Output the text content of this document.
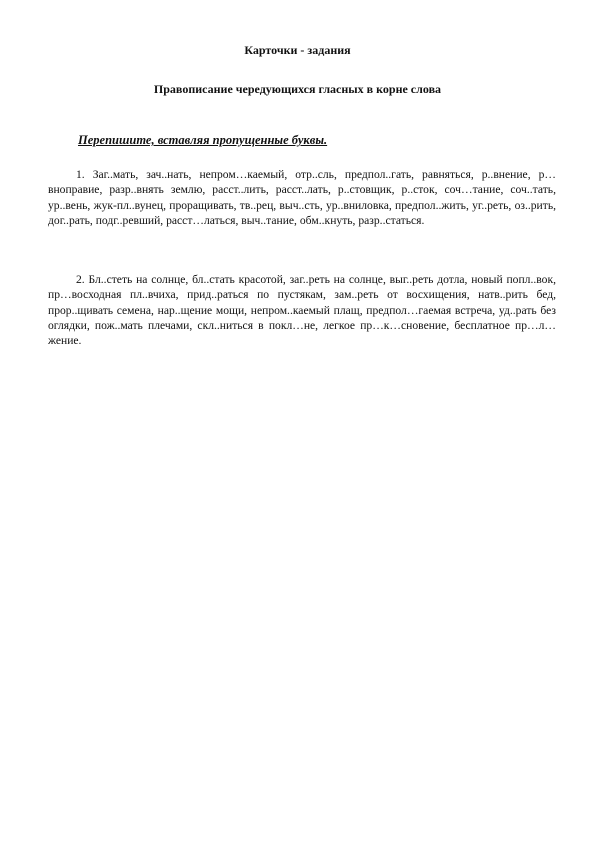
Карточки - задания
Правописание чередующихся гласных в корне слова
Перепишите, вставляя пропущенные буквы.

1. Заг..мать, зач..нать, непром…каемый, отр..сль, предпол..гать, равняться, р..внение, р…вноправие, разр..внять землю, расст..лить, расст..лать, р..стовщик, р..сток, соч…тание, соч..тать, ур..вень, жук-пл..вунец, проращивать, тв..рец, выч..сть, ур..вниловка, предпол..жить, уг..реть, оз..рить, дог..рать, подг..ревший, расст…латься, выч..тание, обм..кнуть, разр..статься.

2. Бл..стеть на солнце, бл..стать красотой, заг..реть на солнце, выг..реть дотла, новый попл..вок, пр…восходная пл..вчиха, прид..раться по пустякам, зам..реть от восхищения, натв..рить бед, прор..щивать семена, нар..щение мощи, непром..каемый плащ, предпол…гаемая встреча, уд..рать без оглядки, пож..мать плечами, скл..ниться в покл…не, легкое пр…к…сновение, бесплатное пр…л…жение.
